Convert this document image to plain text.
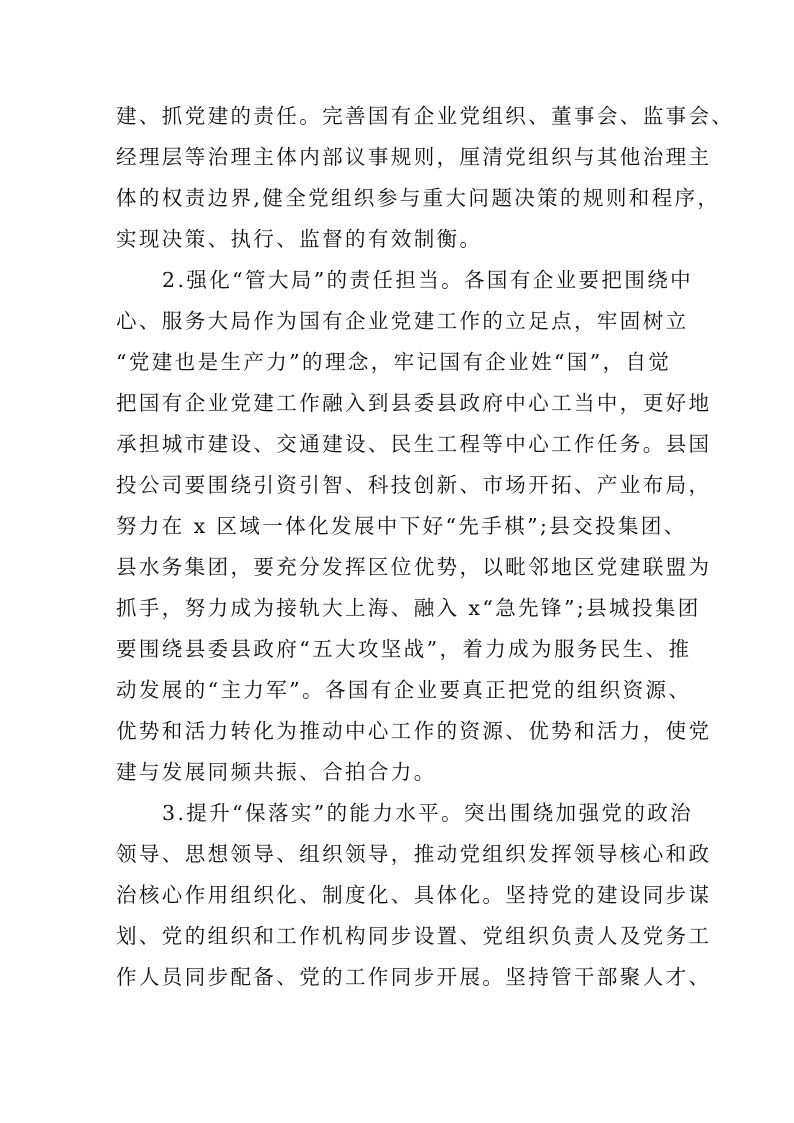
建、抓党建的责任。完善国有企业党组织、董事会、监事会、
经理层等治理主体内部议事规则，厘清党组织与其他治理主
体的权责边界,健全党组织参与重大问题决策的规则和程序，
实现决策、执行、监督的有效制衡。
2.强化“管大局”的责任担当。各国有企业要把围绕中
心、服务大局作为国有企业党建工作的立足点，牢固树立
“党建也是生产力”的理念，牢记国有企业姓“国”，自觉
把国有企业党建工作融入到县委县政府中心工当中，更好地
承担城市建设、交通建设、民生工程等中心工作任务。县国
投公司要围绕引资引智、科技创新、市场开拓、产业布局，
努力在 x 区域一体化发展中下好“先手棋”;县交投集团、
县水务集团，要充分发挥区位优势，以毗邻地区党建联盟为
抓手，努力成为接轨大上海、融入 x“急先锋”;县城投集团
要围绕县委县政府“五大攻坚战”，着力成为服务民生、推
动发展的“主力军”。各国有企业要真正把党的组织资源、
优势和活力转化为推动中心工作的资源、优势和活力，使党
建与发展同频共振、合拍合力。
3.提升“保落实”的能力水平。突出围绕加强党的政治
领导、思想领导、组织领导，推动党组织发挥领导核心和政
治核心作用组织化、制度化、具体化。坚持党的建设同步谋
划、党的组织和工作机构同步设置、党组织负责人及党务工
作人员同步配备、党的工作同步开展。坚持管干部聚人才、
